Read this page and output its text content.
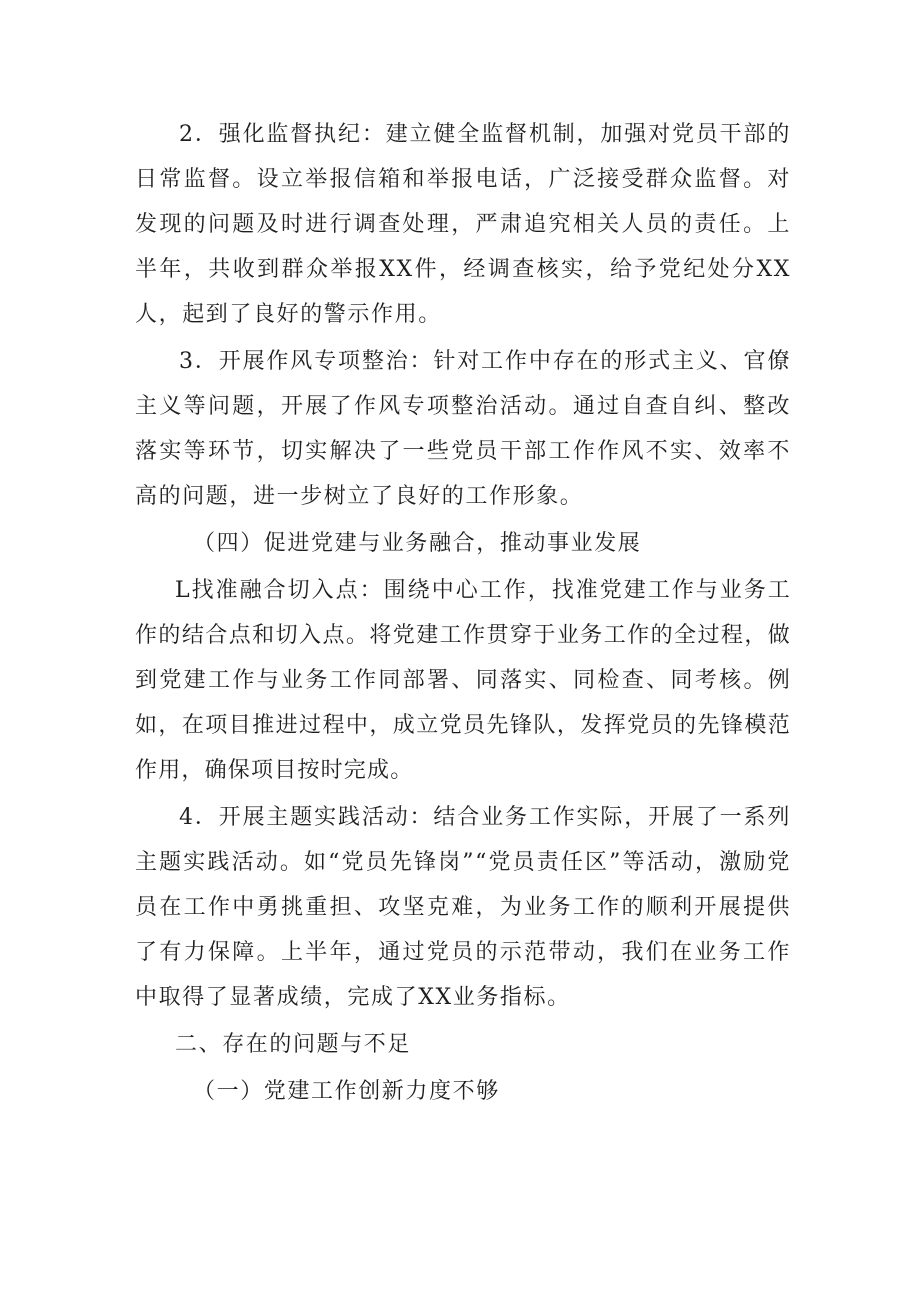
2．强化监督执纪：建立健全监督机制，加强对党员干部的日常监督。设立举报信箱和举报电话，广泛接受群众监督。对发现的问题及时进行调查处理，严肃追究相关人员的责任。上半年，共收到群众举报XX件，经调查核实，给予党纪处分XX人，起到了良好的警示作用。

3．开展作风专项整治：针对工作中存在的形式主义、官僚主义等问题，开展了作风专项整治活动。通过自查自纠、整改落实等环节，切实解决了一些党员干部工作作风不实、效率不高的问题，进一步树立了良好的工作形象。

（四）促进党建与业务融合，推动事业发展

L找准融合切入点：围绕中心工作，找准党建工作与业务工作的结合点和切入点。将党建工作贯穿于业务工作的全过程，做到党建工作与业务工作同部署、同落实、同检查、同考核。例如，在项目推进过程中，成立党员先锋队，发挥党员的先锋模范作用，确保项目按时完成。

4．开展主题实践活动：结合业务工作实际，开展了一系列主题实践活动。如“党员先锋岗”“党员责任区”等活动，激励党员在工作中勇挑重担、攻坚克难，为业务工作的顺利开展提供了有力保障。上半年，通过党员的示范带动，我们在业务工作中取得了显著成绩，完成了XX业务指标。

二、存在的问题与不足

（一）党建工作创新力度不够
